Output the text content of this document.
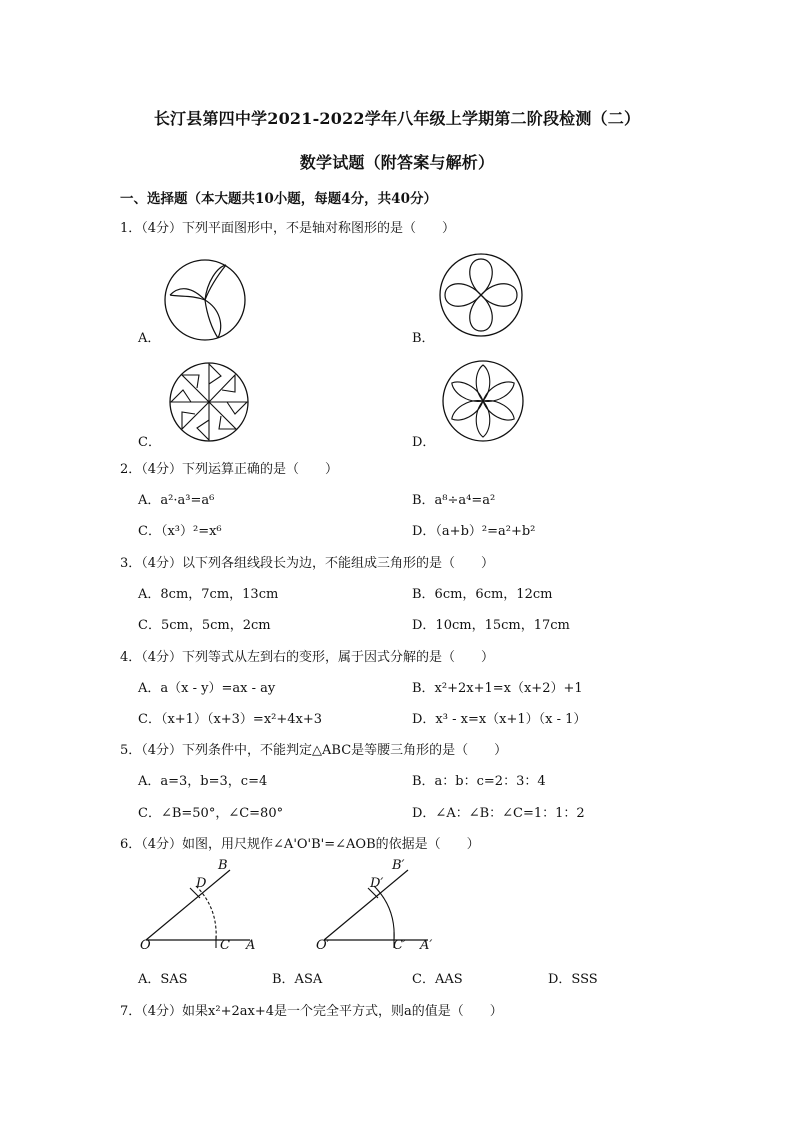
长汀县第四中学2021-2022学年八年级上学期第二阶段检测（二）
数学试题（附答案与解析）
一、选择题（本大题共10小题，每题4分，共40分）
1．（4分）下列平面图形中，不是轴对称图形的是（　　）
A．	B．
C．	D．
2．（4分）下列运算正确的是（　　）
A．a²·a³=a⁶	B．a⁸÷a⁴=a²
C．（x³）²=x⁶	D．（a+b）²=a²+b²
3．（4分）以下列各组线段长为边，不能组成三角形的是（　　）
A．8cm，7cm，13cm	B．6cm，6cm，12cm
C．5cm，5cm，2cm	D．10cm，15cm，17cm
4．（4分）下列等式从左到右的变形，属于因式分解的是（　　）
A．a（x - y）=ax - ay	B．x²+2x+1=x（x+2）+1
C．（x+1）（x+3）=x²+4x+3	D．x³ - x=x（x+1）（x - 1）
5．（4分）下列条件中，不能判定△ABC是等腰三角形的是（　　）
A．a=3，b=3，c=4	B．a：b：c=2：3：4
C．∠B=50°，∠C=80°	D．∠A：∠B：∠C=1：1：2
6．（4分）如图，用尺规作∠A'O'B'=∠AOB的依据是（　　）
B
D
O	C A
B′
D′
O′	C′ A′
A．SAS	B．ASA	C．AAS	D．SSS
7．（4分）如果x²+2ax+4是一个完全平方式，则a的值是（　　）
